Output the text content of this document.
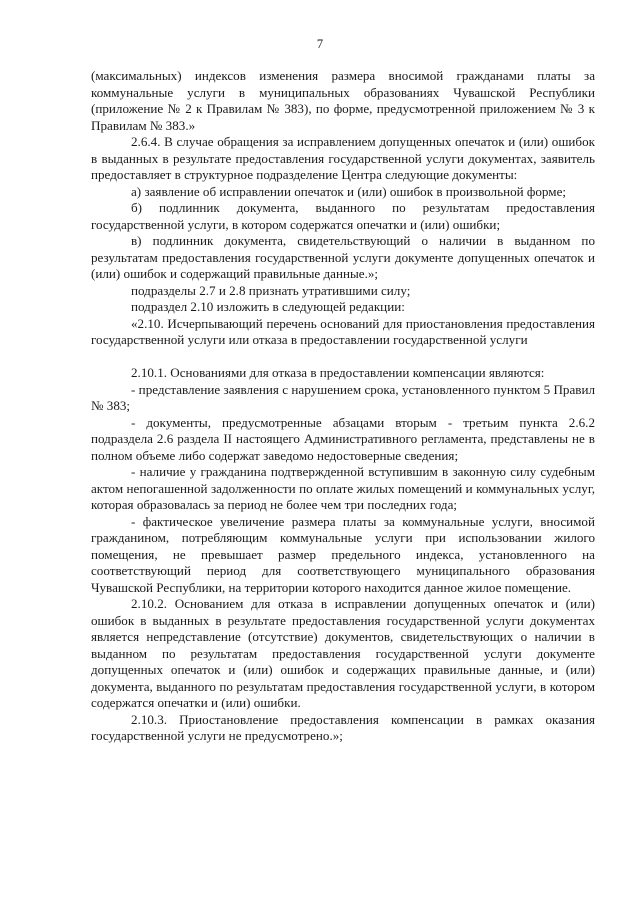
7

(максимальных) индексов изменения размера вносимой гражданами платы за коммунальные услуги в муниципальных образованиях Чувашской Республики (приложение № 2 к Правилам № 383), по форме, предусмотренной приложением № 3 к Правилам № 383.»

2.6.4. В случае обращения за исправлением допущенных опечаток и (или) ошибок в выданных в результате предоставления государственной услуги документах, заявитель предоставляет в структурное подразделение Центра следующие документы:

а) заявление об исправлении опечаток и (или) ошибок в произвольной форме;

б) подлинник документа, выданного по результатам предоставления государственной услуги, в котором содержатся опечатки и (или) ошибки;

в) подлинник документа, свидетельствующий о наличии в выданном по результатам предоставления государственной услуги документе допущенных опечаток и (или) ошибок и содержащий правильные данные.»;

подразделы 2.7 и 2.8 признать утратившими силу;

подраздел 2.10 изложить в следующей редакции:

«2.10. Исчерпывающий перечень оснований для приостановления предоставления государственной услуги или отказа в предоставлении государственной услуги

2.10.1. Основаниями для отказа в предоставлении компенсации являются:

- представление заявления с нарушением срока, установленного пунктом 5 Правил № 383;

- документы, предусмотренные абзацами вторым - третьим пункта 2.6.2 подраздела 2.6 раздела II настоящего Административного регламента, представлены не в полном объеме либо содержат заведомо недостоверные сведения;

- наличие у гражданина подтвержденной вступившим в законную силу судебным актом непогашенной задолженности по оплате жилых помещений и коммунальных услуг, которая образовалась за период не более чем три последних года;

- фактическое увеличение размера платы за коммунальные услуги, вносимой гражданином, потребляющим коммунальные услуги при использовании жилого помещения, не превышает размер предельного индекса, установленного на соответствующий период для соответствующего муниципального образования Чувашской Республики, на территории которого находится данное жилое помещение.

2.10.2. Основанием для отказа в исправлении допущенных опечаток и (или) ошибок в выданных в результате предоставления государственной услуги документах является непредставление (отсутствие) документов, свидетельствующих о наличии в выданном по результатам предоставления государственной услуги документе допущенных опечаток и (или) ошибок и содержащих правильные данные, и (или) документа, выданного по результатам предоставления государственной услуги, в котором содержатся опечатки и (или) ошибки.

2.10.3. Приостановление предоставления компенсации в рамках оказания государственной услуги не предусмотрено.»;
